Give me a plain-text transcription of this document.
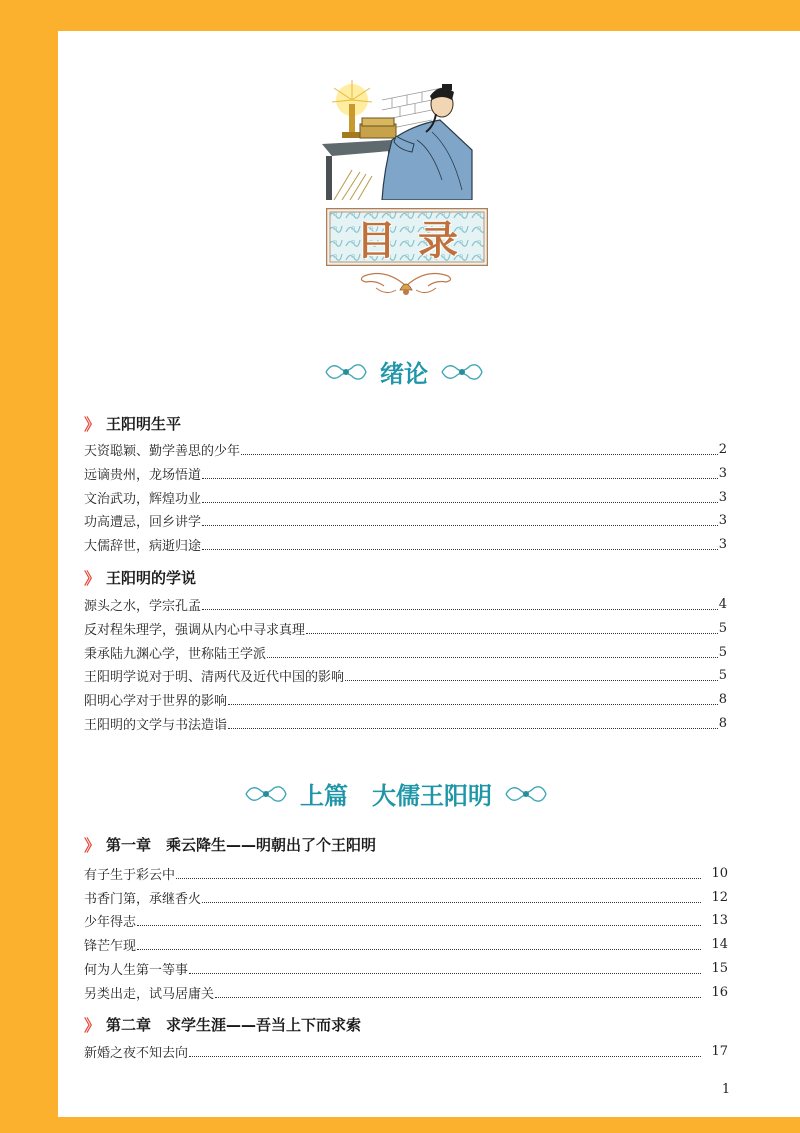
目录
绪论
》 王阳明生平
天资聪颖、勤学善思的少年	2
远谪贵州，龙场悟道	3
文治武功，辉煌功业	3
功高遭忌，回乡讲学	3
大儒辞世，病逝归途	3
》 王阳明的学说
源头之水，学宗孔孟	4
反对程朱理学，强调从内心中寻求真理	5
秉承陆九渊心学，世称陆王学派	5
王阳明学说对于明、清两代及近代中国的影响	5
阳明心学对于世界的影响	8
王阳明的文学与书法造诣	8
上篇　大儒王阳明
》 第一章　乘云降生——明朝出了个王阳明
有子生于彩云中	10
书香门第，承继香火	12
少年得志	13
锋芒乍现	14
何为人生第一等事	15
另类出走，试马居庸关	16
》 第二章　求学生涯——吾当上下而求索
新婚之夜不知去向	17
1
